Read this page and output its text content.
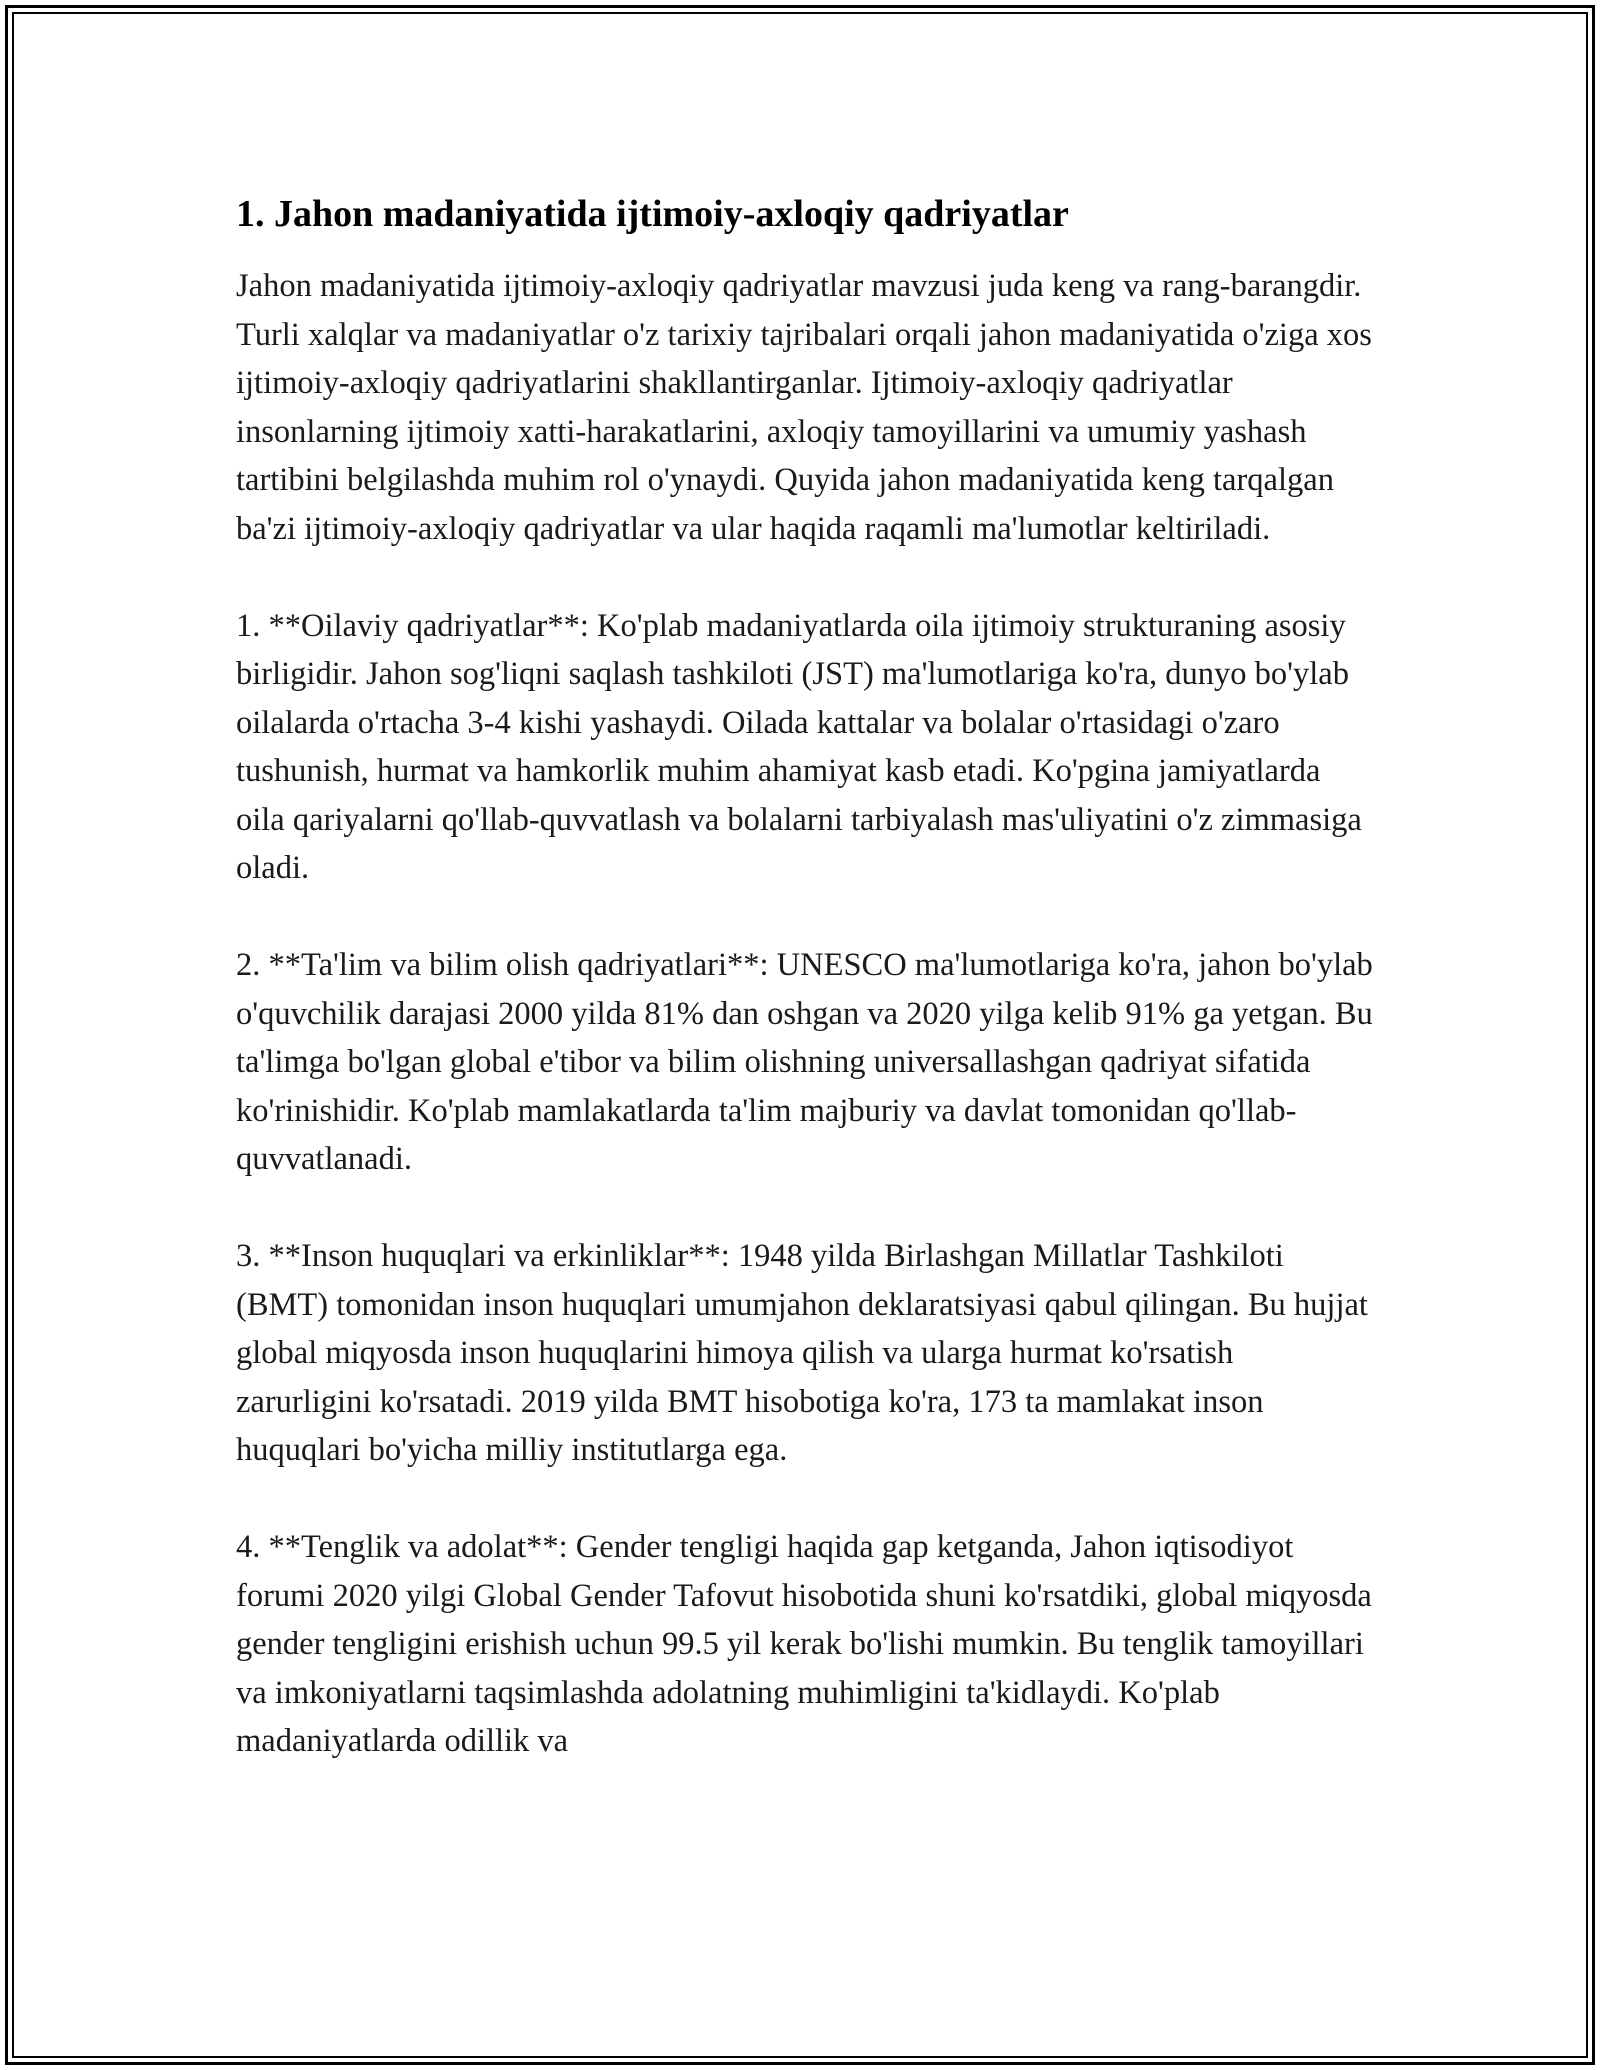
1. Jahon madaniyatida ijtimoiy-axloqiy qadriyatlar

Jahon madaniyatida ijtimoiy-axloqiy qadriyatlar mavzusi juda keng va rang-barangdir. Turli xalqlar va madaniyatlar o'z tarixiy tajribalari orqali jahon madaniyatida o'ziga xos ijtimoiy-axloqiy qadriyatlarini shakllantirganlar. Ijtimoiy-axloqiy qadriyatlar insonlarning ijtimoiy xatti-harakatlarini, axloqiy tamoyillarini va umumiy yashash tartibini belgilashda muhim rol o'ynaydi. Quyida jahon madaniyatida keng tarqalgan ba'zi ijtimoiy-axloqiy qadriyatlar va ular haqida raqamli ma'lumotlar keltiriladi.

1. **Oilaviy qadriyatlar**: Ko'plab madaniyatlarda oila ijtimoiy strukturaning asosiy birligidir. Jahon sog'liqni saqlash tashkiloti (JST) ma'lumotlariga ko'ra, dunyo bo'ylab oilalarda o'rtacha 3-4 kishi yashaydi. Oilada kattalar va bolalar o'rtasidagi o'zaro tushunish, hurmat va hamkorlik muhim ahamiyat kasb etadi. Ko'pgina jamiyatlarda oila qariyalarni qo'llab-quvvatlash va bolalarni tarbiyalash mas'uliyatini o'z zimmasiga oladi.

2. **Ta'lim va bilim olish qadriyatlari**: UNESCO ma'lumotlariga ko'ra, jahon bo'ylab o'quvchilik darajasi 2000 yilda 81% dan oshgan va 2020 yilga kelib 91% ga yetgan. Bu ta'limga bo'lgan global e'tibor va bilim olishning universallashgan qadriyat sifatida ko'rinishidir. Ko'plab mamlakatlarda ta'lim majburiy va davlat tomonidan qo'llab-quvvatlanadi.

3. **Inson huquqlari va erkinliklar**: 1948 yilda Birlashgan Millatlar Tashkiloti (BMT) tomonidan inson huquqlari umumjahon deklaratsiyasi qabul qilingan. Bu hujjat global miqyosda inson huquqlarini himoya qilish va ularga hurmat ko'rsatish zarurligini ko'rsatadi. 2019 yilda BMT hisobotiga ko'ra, 173 ta mamlakat inson huquqlari bo'yicha milliy institutlarga ega.

4. **Tenglik va adolat**: Gender tengligi haqida gap ketganda, Jahon iqtisodiyot forumi 2020 yilgi Global Gender Tafovut hisobotida shuni ko'rsatdiki, global miqyosda gender tengligini erishish uchun 99.5 yil kerak bo'lishi mumkin. Bu tenglik tamoyillari va imkoniyatlarni taqsimlashda adolatning muhimligini ta'kidlaydi. Ko'plab madaniyatlarda odillik va
